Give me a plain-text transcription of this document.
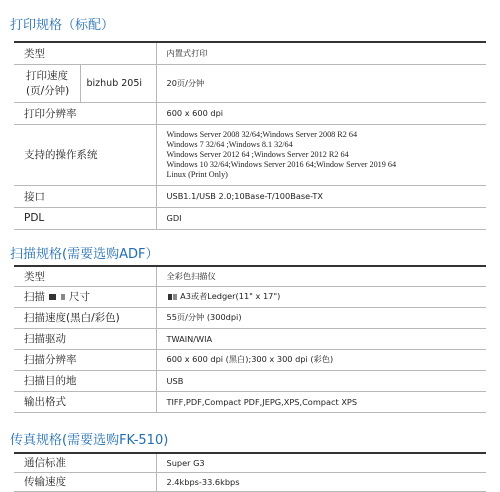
打印规格（标配）
类型		内置式打印

打印速度
(页/分钟)	bizhub 205i	20页/分钟
打印分辨率		600 x 600 dpi
支持的操作系统		Windows Server 2008 32/64;Windows Server 2008 R2 64
Windows 7 32/64 ;Windows 8.1 32/64
Windows Server 2012 64 ;Windows Server 2012 R2 64
Windows 10 32/64;Windows Server 2016 64;Window Server 2019 64
Linux (Print Only)

接口		USB1.1/USB 2.0;10Base-T/100Base-TX
PDL		GDI
扫描规格(需要选购ADF）
类型	全彩色扫描仪
扫描 尺寸	A3或者Ledger(11" x 17")
扫描速度(黑白/彩色)	55页/分钟 (300dpi)
扫描驱动	TWAIN/WIA
扫描分辨率	600 x 600 dpi (黑白);300 x 300 dpi (彩色)
扫描目的地	USB
输出格式	TIFF,PDF,Compact PDF,JEPG,XPS,Compact XPS
传真规格(需要选购FK-510)
通信标准	Super G3
传输速度	2.4kbps-33.6kbps
